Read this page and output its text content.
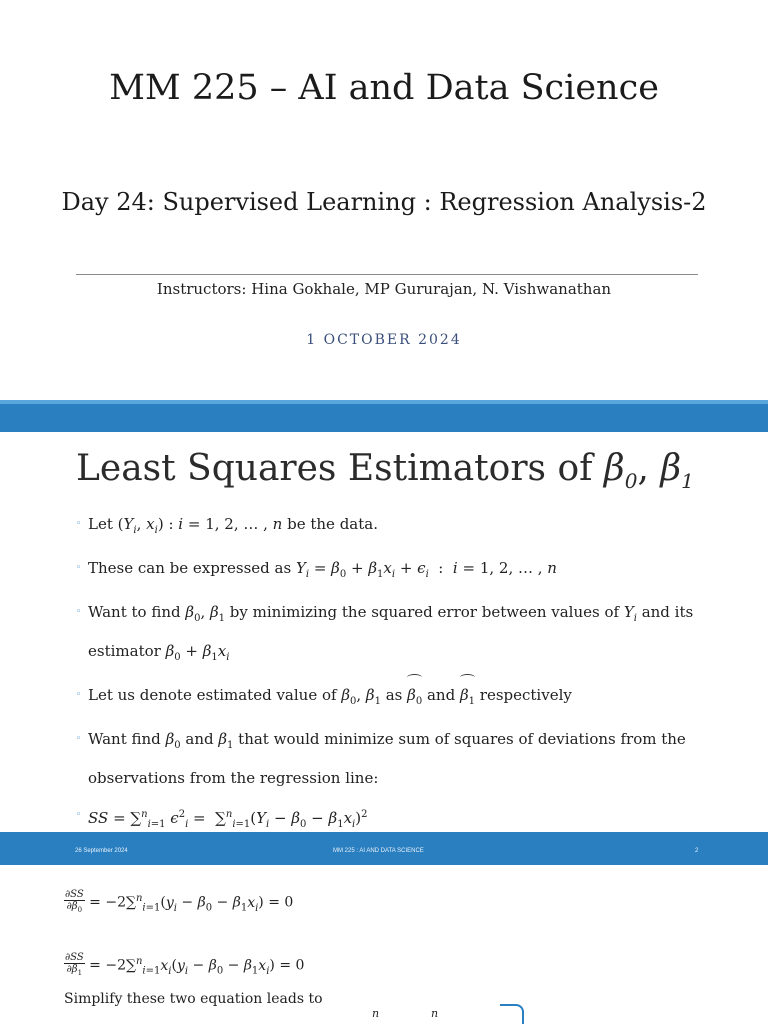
MM 225 – AI and Data Science
Day 24: Supervised Learning : Regression Analysis-2
Instructors: Hina Gokhale, MP Gururajan, N. Vishwanathan
1 OCTOBER 2024
Least Squares Estimators of $\beta_0$, $\beta_1$
◦ Let ($Y_i$, $x_i$) : i = 1, 2, … , n be the data.
◦ These can be expressed as $Y_i = \beta_0 + \beta_1x_i + \epsilon_i$  :  i = 1, 2, … , n
◦ Want to find $\beta_0$, $\beta_1$ by minimizing the squared error between values of $Y_i$ and its estimator $\beta_0 + \beta_1x_i$
◦ Let us denote estimated value of $\beta_0$, $\beta_1$ as $\beta_0$ and $\beta_1$ respectively
◦ Want find $\beta_0$ and $\beta_1$ that would minimize sum of squares of deviations from the observations from the regression line:
◦ SS = ∑$^n_{i=1}$ $\epsilon^2_i = \sum^n_{i=1}(Y_i - \beta_0 - \beta_1x_i)^2$
26 September 2024	MM 225 : AI AND DATA SCIENCE	2
$\frac{\partial SS}{\partial\beta_0} = -2\sum^n_{i=1}(y_i - \beta_0 - \beta_1x_i) = 0$
$\frac{\partial SS}{\partial\beta_1} = -2\sum^n_{i=1}x_i(y_i - \beta_0 - \beta_1x_i) = 0$
Simplify these two equation leads to
n	n
